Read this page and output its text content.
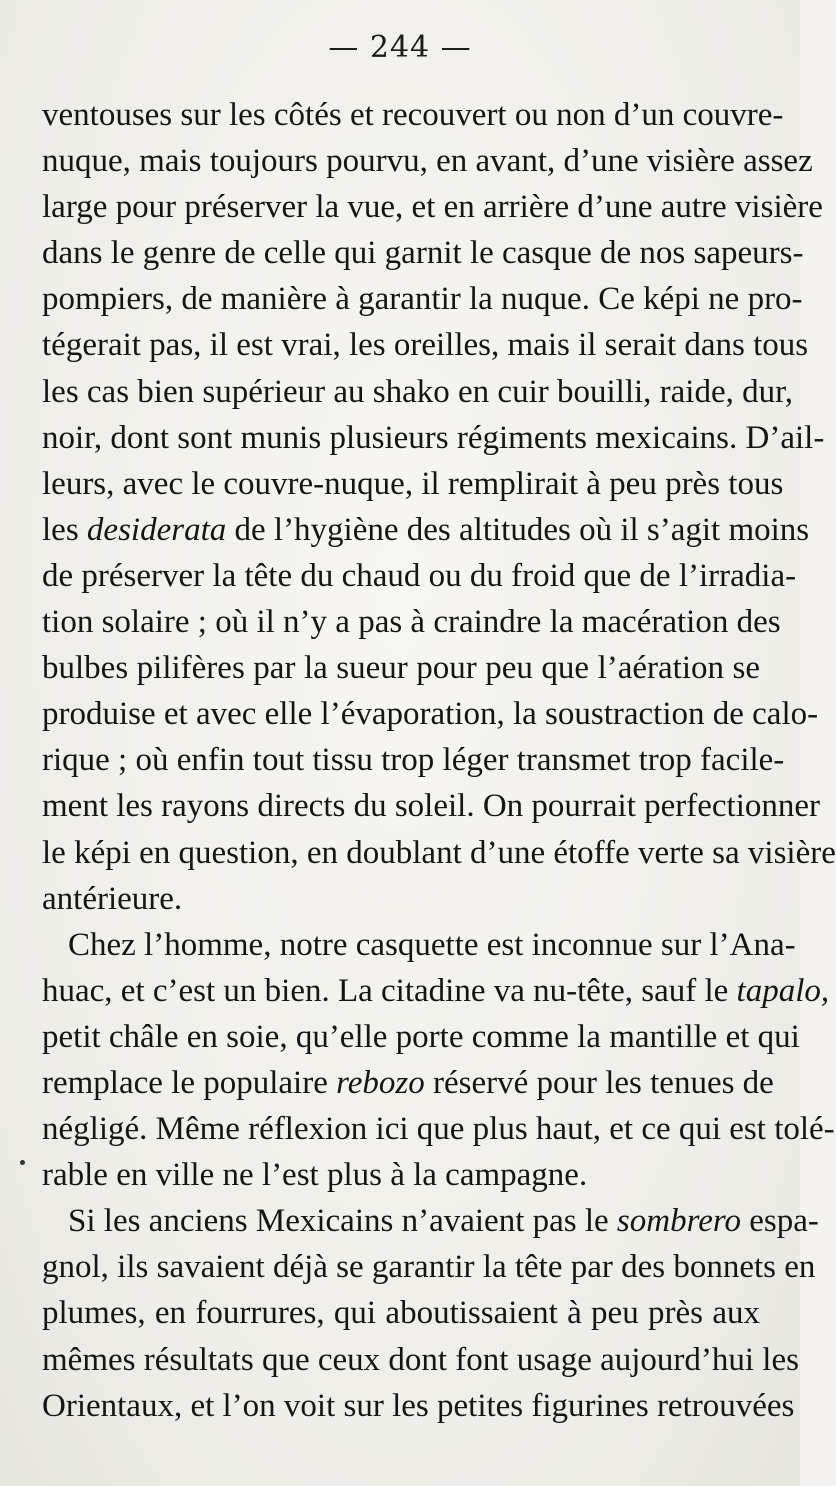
— 244 —
ventouses sur les côtés et recouvert ou non d’un couvre-
nuque, mais toujours pourvu, en avant, d’une visière assez
large pour préserver la vue, et en arrière d’une autre visière
dans le genre de celle qui garnit le casque de nos sapeurs-
pompiers, de manière à garantir la nuque. Ce képi ne pro-
tégerait pas, il est vrai, les oreilles, mais il serait dans tous
les cas bien supérieur au shako en cuir bouilli, raide, dur,
noir, dont sont munis plusieurs régiments mexicains. D’ail-
leurs, avec le couvre-nuque, il remplirait à peu près tous
les desiderata de l’hygiène des altitudes où il s’agit moins
de préserver la tête du chaud ou du froid que de l’irradia-
tion solaire ; où il n’y a pas à craindre la macération des
bulbes pilifères par la sueur pour peu que l’aération se
produise et avec elle l’évaporation, la soustraction de calo-
rique ; où enfin tout tissu trop léger transmet trop facile-
ment les rayons directs du soleil. On pourrait perfectionner
le képi en question, en doublant d’une étoffe verte sa visière
antérieure.
Chez l’homme, notre casquette est inconnue sur l’Ana-
huac, et c’est un bien. La citadine va nu-tête, sauf le tapalo,
petit châle en soie, qu’elle porte comme la mantille et qui
remplace le populaire rebozo réservé pour les tenues de
négligé. Même réflexion ici que plus haut, et ce qui est tolé-
rable en ville ne l’est plus à la campagne.
Si les anciens Mexicains n’avaient pas le sombrero espa-
gnol, ils savaient déjà se garantir la tête par des bonnets en
plumes, en fourrures, qui aboutissaient à peu près aux
mêmes résultats que ceux dont font usage aujourd’hui les
Orientaux, et l’on voit sur les petites figurines retrouvées
